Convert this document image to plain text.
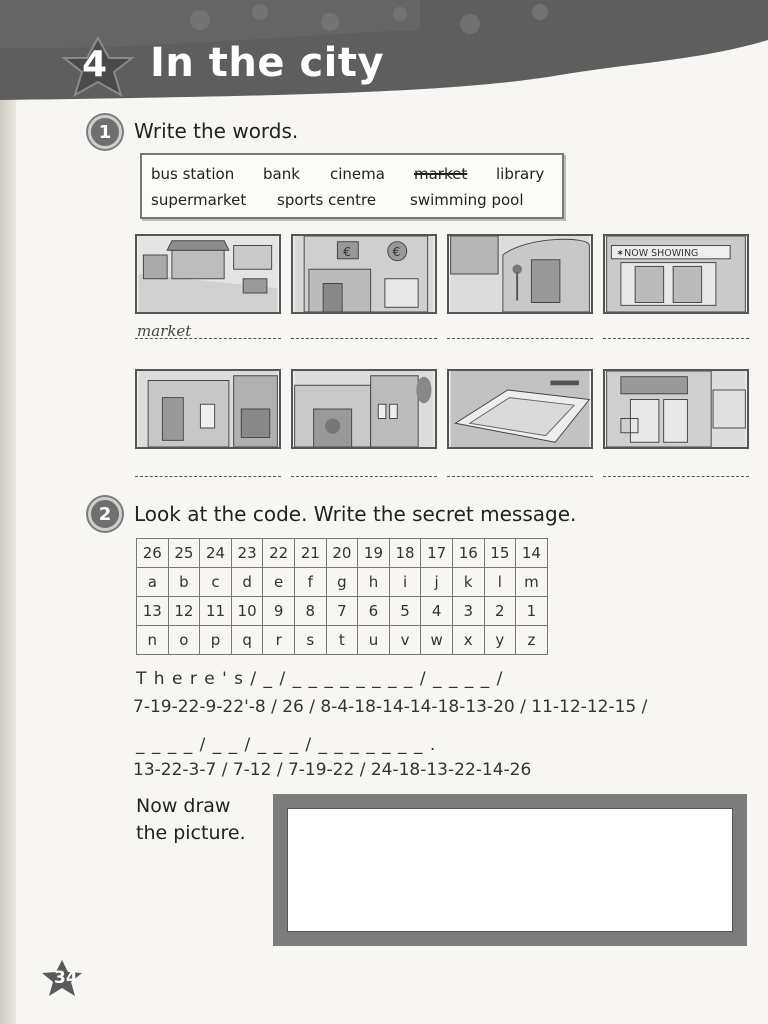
4 In the city
1	Write the words.
bus station bank cinema market library
supermarket sports centre swimming pool
€	€	✶NOW SHOWING
market
2	Look at the code. Write the secret message.
26	25	24	23	22	21	20	19	18	17	16	15	14
a	b	c	d	e	f	g	h	i	j	k	l	m
13	12	11	10	9	8	7	6	5	4	3	2	1
n	o	p	q	r	s	t	u	v	w	x	y	z
T h e r e ' s / _ / _ _ _ _ _ _ _ _ / _ _ _ _ /
7-19-22-9-22'-8 / 26 / 8-4-18-14-14-18-13-20 / 11-12-12-15 /
_ _ _ _ / _ _ / _ _ _ / _ _ _ _ _ _ _ .
13-22-3-7 / 7-12 / 7-19-22 / 24-18-13-22-14-26
Now draw
the picture.
34
